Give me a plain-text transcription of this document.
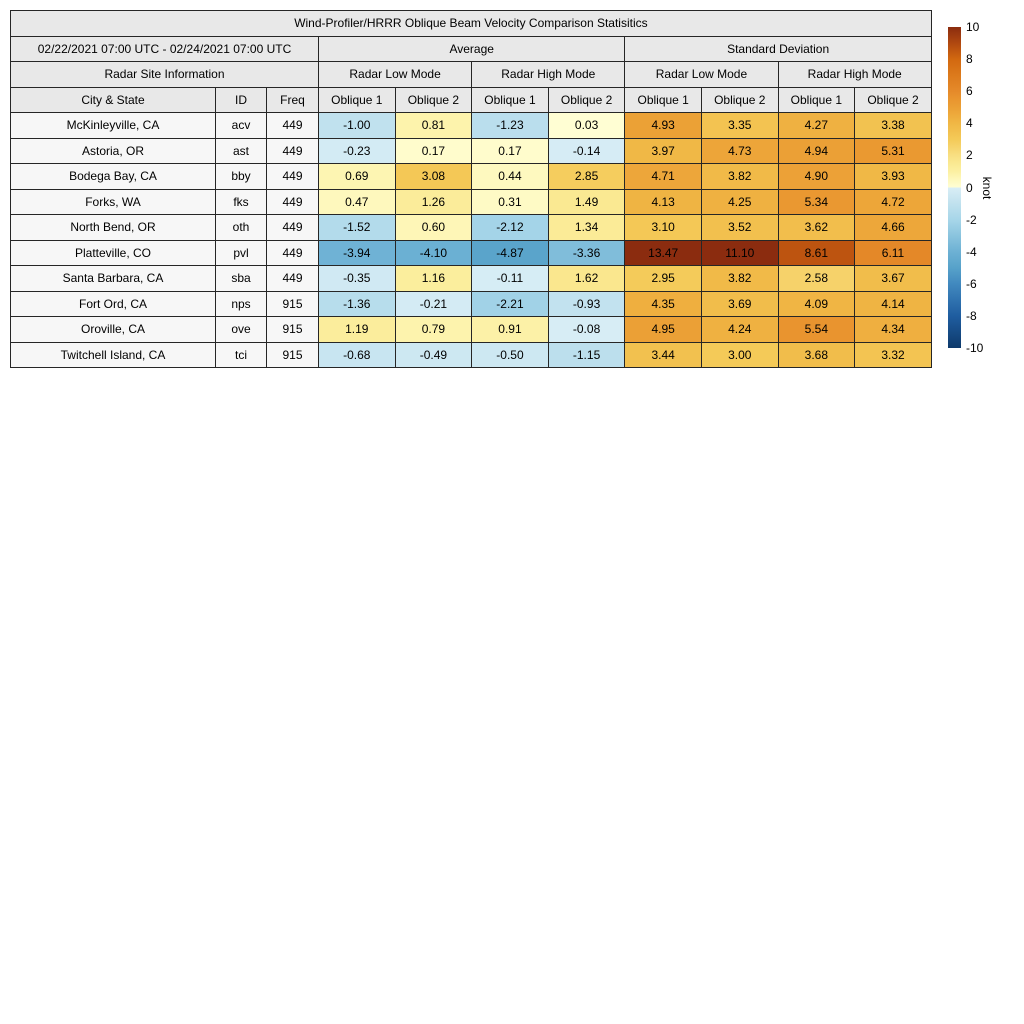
Wind-Profiler/HRRR Oblique Beam Velocity Comparison Statisitics										
02/22/2021 07:00 UTC - 02/24/2021 07:00 UTC			Average				Standard Deviation			
Radar Site Information			Radar Low Mode		Radar High Mode		Radar Low Mode		Radar High Mode	
City & State	ID	Freq	Oblique 1	Oblique 2	Oblique 1	Oblique 2	Oblique 1	Oblique 2	Oblique 1	Oblique 2
McKinleyville, CA	acv	449	-1.00	0.81	-1.23	0.03	4.93	3.35	4.27	3.38
Astoria, OR	ast	449	-0.23	0.17	0.17	-0.14	3.97	4.73	4.94	5.31
Bodega Bay, CA	bby	449	0.69	3.08	0.44	2.85	4.71	3.82	4.90	3.93
Forks, WA	fks	449	0.47	1.26	0.31	1.49	4.13	4.25	5.34	4.72
North Bend, OR	oth	449	-1.52	0.60	-2.12	1.34	3.10	3.52	3.62	4.66
Platteville, CO	pvl	449	-3.94	-4.10	-4.87	-3.36	13.47	11.10	8.61	6.11
Santa Barbara, CA	sba	449	-0.35	1.16	-0.11	1.62	2.95	3.82	2.58	3.67
Fort Ord, CA	nps	915	-1.36	-0.21	-2.21	-0.93	4.35	3.69	4.09	4.14
Oroville, CA	ove	915	1.19	0.79	0.91	-0.08	4.95	4.24	5.54	4.34
Twitchell Island, CA	tci	915	-0.68	-0.49	-0.50	-1.15	3.44	3.00	3.68	3.32
10
8
6
4
2
0
-2
-4
-6
-8
-10
knot
